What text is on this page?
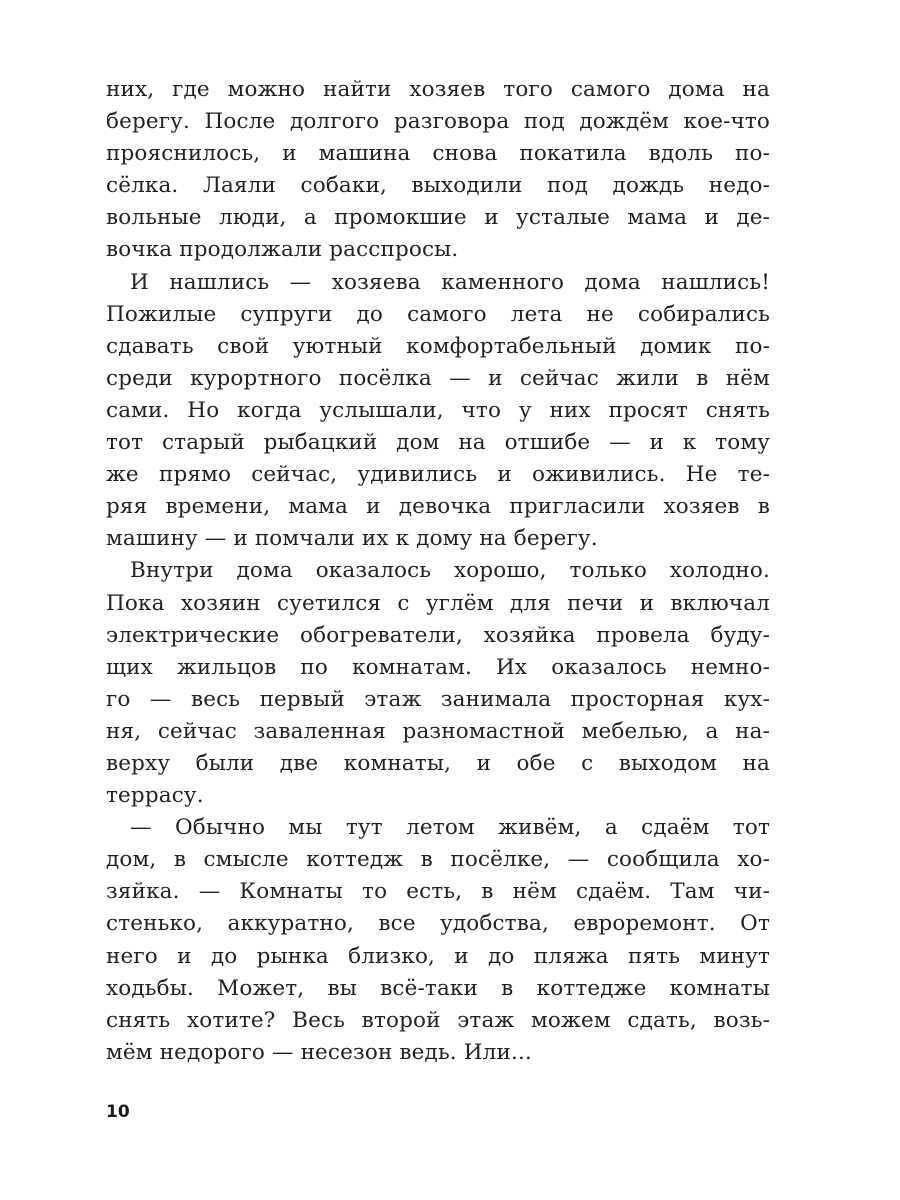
них, где можно найти хозяев того самого дома на
берегу. После долгого разговора под дождём кое-что
прояснилось, и машина снова покатила вдоль по-
сёлка. Лаяли собаки, выходили под дождь недо-
вольные люди, а промокшие и усталые мама и де-
вочка продолжали расспросы.
И нашлись — хозяева каменного дома нашлись!
Пожилые супруги до самого лета не собирались
сдавать свой уютный комфортабельный домик по-
среди курортного посёлка — и сейчас жили в нём
сами. Но когда услышали, что у них просят снять
тот старый рыбацкий дом на отшибе — и к тому
же прямо сейчас, удивились и оживились. Не те-
ряя времени, мама и девочка пригласили хозяев в
машину — и помчали их к дому на берегу.
Внутри дома оказалось хорошо, только холодно.
Пока хозяин суетился с углём для печи и включал
электрические обогреватели, хозяйка провела буду-
щих жильцов по комнатам. Их оказалось немно-
го — весь первый этаж занимала просторная кух-
ня, сейчас заваленная разномастной мебелью, а на-
верху были две комнаты, и обе с выходом на
террасу.
— Обычно мы тут летом живём, а сдаём тот
дом, в смысле коттедж в посёлке, — сообщила хо-
зяйка. — Комнаты то есть, в нём сдаём. Там чи-
стенько, аккуратно, все удобства, евроремонт. От
него и до рынка близко, и до пляжа пять минут
ходьбы. Может, вы всё-таки в коттедже комнаты
снять хотите? Весь второй этаж можем сдать, возь-
мём недорого — несезон ведь. Или...
10
